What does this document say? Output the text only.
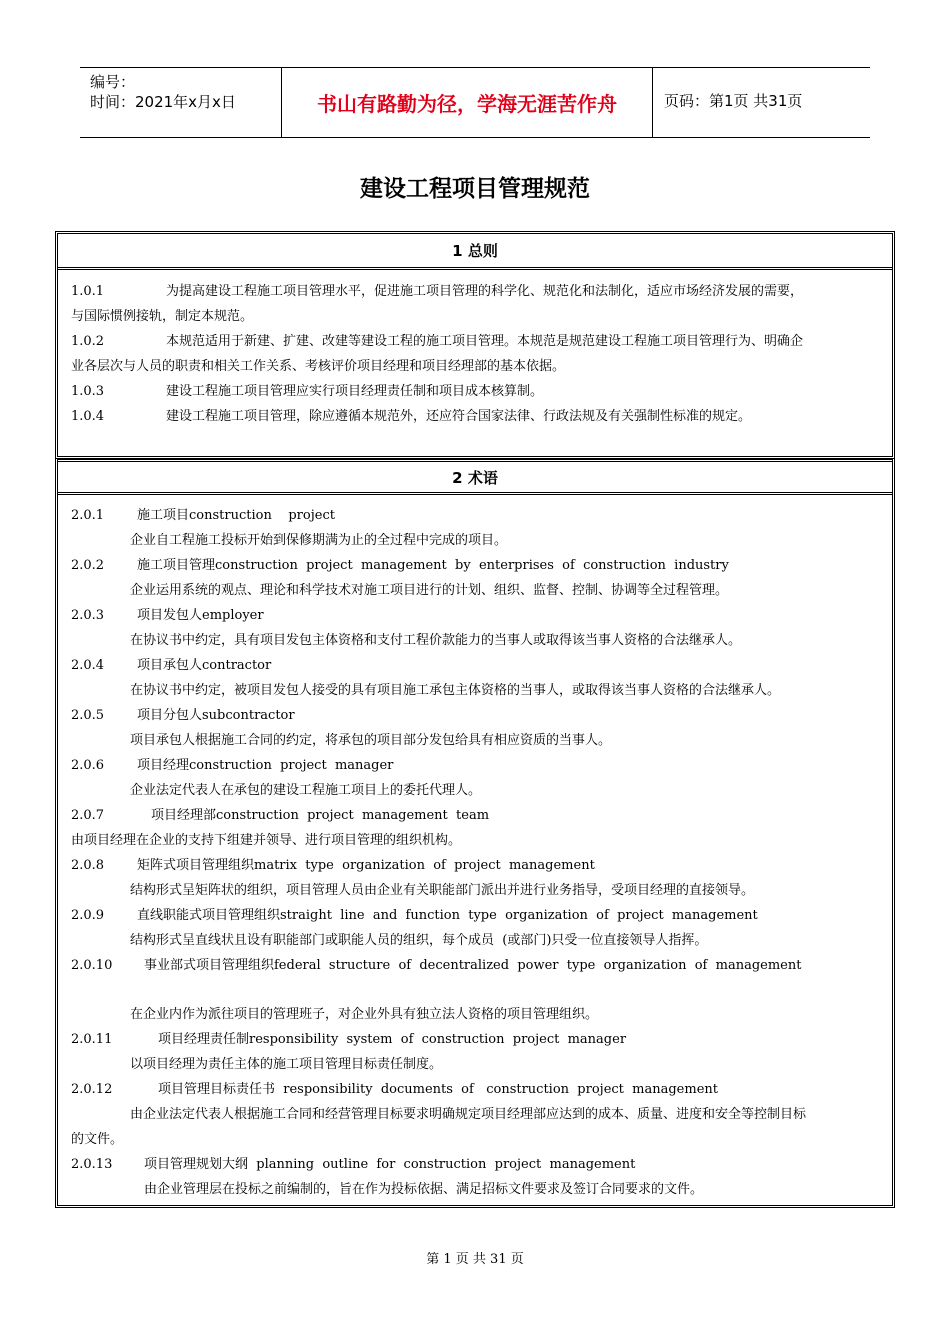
编号：
时间：2021年x月x日	书山有路勤为径，学海无涯苦作舟	页码：第1页 共31页
建设工程项目管理规范
1 总则
1.0.1	为提高建设工程施工项目管理水平，促进施工项目管理的科学化、规范化和法制化，适应市场经济发展的需要，
与国际惯例接轨，制定本规范。
1.0.2	本规范适用于新建、扩建、改建等建设工程的施工项目管理。本规范是规范建设工程施工项目管理行为、明确企
业各层次与人员的职责和相关工作关系、考核评价项目经理和项目经理部的基本依据。
1.0.3	建设工程施工项目管理应实行项目经理责任制和项目成本核算制。
1.0.4	建设工程施工项目管理，除应遵循本规范外，还应符合国家法律、行政法规及有关强制性标准的规定。
2 术语
2.0.1	施工项目construction    project
企业自工程施工投标开始到保修期满为止的全过程中完成的项目。
2.0.2	施工项目管理construction  project  management  by  enterprises  of  construction  industry
企业运用系统的观点、理论和科学技术对施工项目进行的计划、组织、监督、控制、协调等全过程管理。
2.0.3	项目发包人employer
在协议书中约定，具有项目发包主体资格和支付工程价款能力的当事人或取得该当事人资格的合法继承人。
2.0.4	项目承包人contractor
在协议书中约定，被项目发包人接受的具有项目施工承包主体资格的当事人，或取得该当事人资格的合法继承人。
2.0.5	项目分包人subcontractor
项目承包人根据施工合同的约定，将承包的项目部分发包给具有相应资质的当事人。
2.0.6	项目经理construction  project  manager
企业法定代表人在承包的建设工程施工项目上的委托代理人。
2.0.7	项目经理部construction  project  management  team
由项目经理在企业的支持下组建并领导、进行项目管理的组织机构。
2.0.8	矩阵式项目管理组织matrix  type  organization  of  project  management
结构形式呈矩阵状的组织，项目管理人员由企业有关职能部门派出并进行业务指导，受项目经理的直接领导。
2.0.9	直线职能式项目管理组织straight  line  and  function  type  organization  of  project  management
结构形式呈直线状且设有职能部门或职能人员的组织，每个成员  (或部门)只受一位直接领导人指挥。
2.0.10 事业部式项目管理组织federal  structure  of  decentralized  power  type  organization  of  management
在企业内作为派往项目的管理班子，对企业外具有独立法人资格的项目管理组织。
2.0.11	项目经理责任制responsibility  system  of  construction  project  manager
以项目经理为责任主体的施工项目管理目标责任制度。
2.0.12	项目管理目标责任书  responsibility  documents  of   construction  project  management
由企业法定代表人根据施工合同和经营管理目标要求明确规定项目经理部应达到的成本、质量、进度和安全等控制目标
的文件。
2.0.13 项目管理规划大纲  planning  outline  for  construction  project  management
由企业管理层在投标之前编制的，旨在作为投标依据、满足招标文件要求及签订合同要求的文件。
第 1 页 共 31 页
